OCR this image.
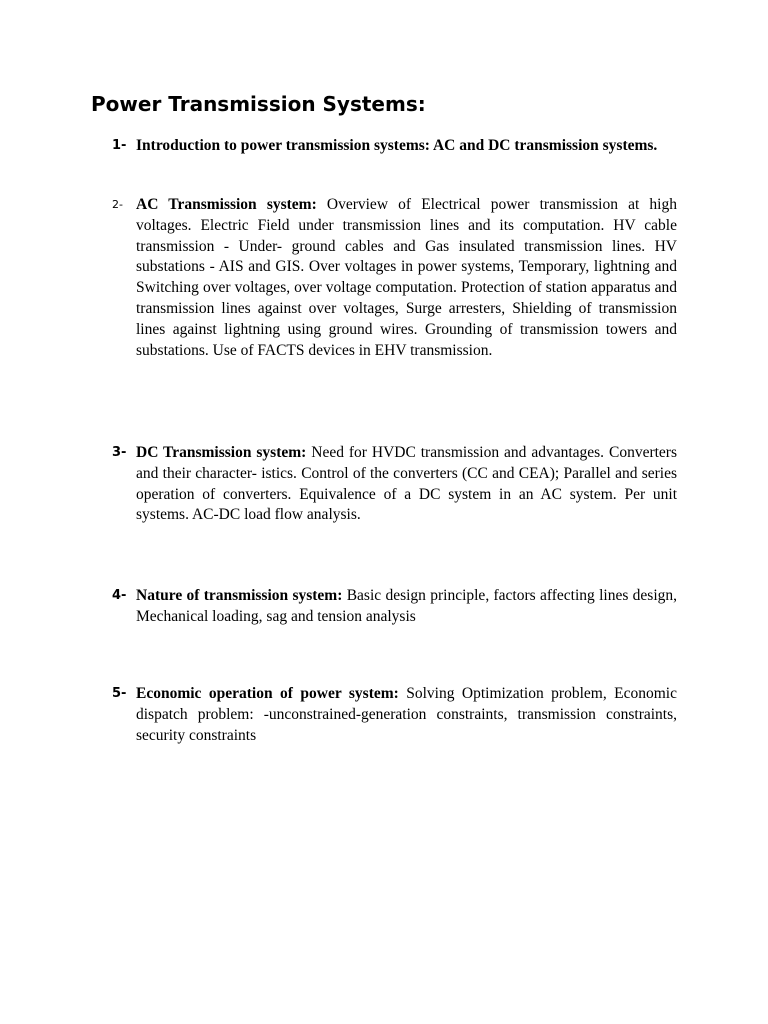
Power Transmission Systems:
1- Introduction to power transmission systems: AC and DC transmission systems.
2- AC Transmission system: Overview of Electrical power transmission at high voltages. Electric Field under transmission lines and its computation. HV cable transmission - Under- ground cables and Gas insulated transmission lines. HV substations - AIS and GIS. Over voltages in power systems, Temporary, lightning and Switching over voltages, over voltage computation. Protection of station apparatus and transmission lines against over voltages, Surge arresters, Shielding of transmission lines against lightning using ground wires. Grounding of transmission towers and substations. Use of FACTS devices in EHV transmission.
3- DC Transmission system: Need for HVDC transmission and advantages. Converters and their character- istics. Control of the converters (CC and CEA); Parallel and series operation of converters. Equivalence of a DC system in an AC system. Per unit systems. AC-DC load flow analysis.
4- Nature of transmission system: Basic design principle, factors affecting lines design, Mechanical loading, sag and tension analysis
5- Economic operation of power system: Solving Optimization problem, Economic dispatch problem: -unconstrained-generation constraints, transmission constraints, security constraints
